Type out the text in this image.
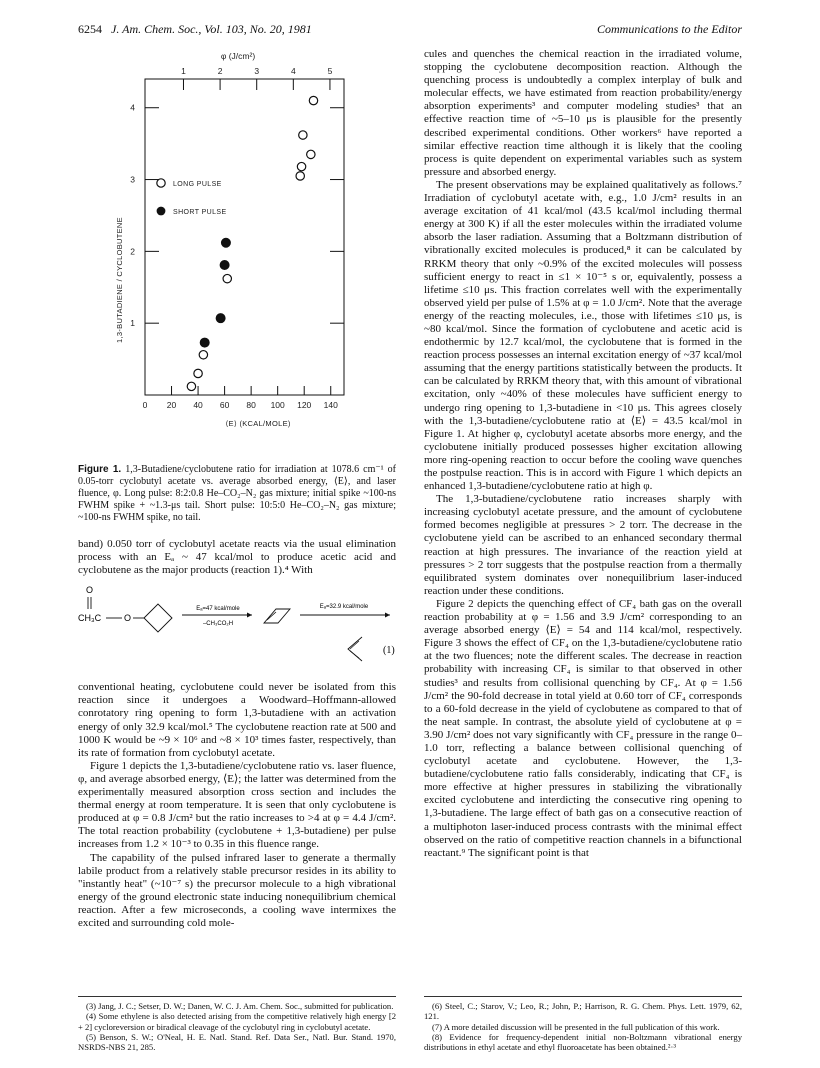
6254 J. Am. Chem. Soc., Vol. 103, No. 20, 1981	Communications to the Editor
φ (J/cm²)
1,3-BUTADIENE / CYCLOBUTENE
⟨E⟩ (KCAL/MOLE)
0 20 40 60 80 100 120 140
1	2	3	4	5
1
2
3
4
LONG PULSE
SHORT PULSE
Figure 1. 1,3-Butadiene/cyclobutene ratio for irradiation at 1078.6 cm⁻¹ of 0.05-torr cyclobutyl acetate vs. average absorbed energy, ⟨E⟩, and laser fluence, φ. Long pulse: 8:2:0.8 He–CO₂–N₂ gas mixture; initial spike ~100-ns FWHM spike + ~1.3-μs tail. Short pulse: 10:5:0 He–CO₂–N₂ gas mixture; ~100-ns FWHM spike, no tail.

band) 0.050 torr of cyclobutyl acetate reacts via the usual elimination process with an Eₐ ~ 47 kcal/mol to produce acetic acid and cyclobutene as the major products (reaction 1).⁴ With

O
CH₃C	O
Eₐ=47 kcal/mole
–CH₃CO₂H
Eₐ=32.9 kcal/mole
(1)

conventional heating, cyclobutene could never be isolated from this reaction since it undergoes a Woodward–Hoffmann-allowed conrotatory ring opening to form 1,3-butadiene with an activation energy of only 32.9 kcal/mol.⁵ The cyclobutene reaction rate at 500 and 1000 K would be ~9 × 10⁶ and ~8 × 10³ times faster, respectively, than its rate of formation from cyclobutyl acetate.

Figure 1 depicts the 1,3-butadiene/cyclobutene ratio vs. laser fluence, φ, and average absorbed energy, ⟨E⟩; the latter was determined from the experimentally measured absorption cross section and includes the thermal energy at room temperature. It is seen that only cyclobutene is produced at φ = 0.8 J/cm² but the ratio increases to >4 at φ = 4.4 J/cm². The total reaction probability (cyclobutene + 1,3-butadiene) per pulse increases from 1.2 × 10⁻³ to 0.35 in this fluence range.

The capability of the pulsed infrared laser to generate a thermally labile product from a relatively stable precursor resides in its ability to "instantly heat" (~10⁻⁷ s) the precursor molecule to a high vibrational energy of the ground electronic state inducing nonequilibrium chemical reaction. After a few microseconds, a cooling wave intermixes the excited and surrounding cold mole-

cules and quenches the chemical reaction in the irradiated volume, stopping the cyclobutene decomposition reaction. Although the quenching process is undoubtedly a complex interplay of bulk and molecular effects, we have estimated from reaction probability/energy absorption experiments³ and computer modeling studies³ that an effective reaction time of ~5–10 μs is plausible for the presently described experimental conditions. Other workers⁶ have reported a similar effective reaction time although it is likely that the cooling process is quite dependent on experimental variables such as system pressure and absorbed energy.

The present observations may be explained qualitatively as follows.⁷ Irradiation of cyclobutyl acetate with, e.g., 1.0 J/cm² results in an average excitation of 41 kcal/mol (43.5 kcal/mol including thermal energy at 300 K) if all the ester molecules within the irradiated volume absorb the laser radiation. Assuming that a Boltzmann distribution of vibrationally excited molecules is produced,⁸ it can be calculated by RRKM theory that only ~0.9% of the excited molecules will possess sufficient energy to react in ≤1 × 10⁻⁵ s or, equivalently, possess a lifetime ≤10 μs. This fraction correlates well with the experimentally observed yield per pulse of 1.5% at φ = 1.0 J/cm². Note that the average energy of the reacting molecules, i.e., those with lifetimes ≤10 μs, is ~80 kcal/mol. Since the formation of cyclobutene and acetic acid is endothermic by 12.7 kcal/mol, the cyclobutene that is formed in the reaction process possesses an internal excitation energy of ~37 kcal/mol assuming that the energy partitions statistically between the products. It can be calculated by RRKM theory that, with this amount of vibrational excitation, only ~40% of these molecules have sufficient energy to undergo ring opening to 1,3-butadiene in <10 μs. This agrees closely with the 1,3-butadiene/cyclobutene ratio at ⟨E⟩ = 43.5 kcal/mol in Figure 1. At higher φ, cyclobutyl acetate absorbs more energy, and the cyclobutene initially produced possesses higher excitation allowing more ring-opening reaction to occur before the cooling wave quenches the postpulse reaction. This is in accord with Figure 1 which depicts an enhanced 1,3-butadiene/cyclobutene ratio at high φ.

The 1,3-butadiene/cyclobutene ratio increases sharply with increasing cyclobutyl acetate pressure, and the amount of cyclobutene formed becomes negligible at pressures > 2 torr. The decrease in the cyclobutene yield can be ascribed to an enhanced secondary thermal reaction at high pressures. The invariance of the reaction yield at pressures > 2 torr suggests that the postpulse reaction from a thermally equilibrated system dominates over nonequilibrium laser-induced reaction under these conditions.

Figure 2 depicts the quenching effect of CF₄ bath gas on the overall reaction probability at φ = 1.56 and 3.9 J/cm² corresponding to an average absorbed energy ⟨E⟩ = 54 and 114 kcal/mol, respectively. Figure 3 shows the effect of CF₄ on the 1,3-butadiene/cyclobutene ratio at the two fluences; note the different scales. The decrease in reaction probability with increasing CF₄ is similar to that observed in other studies³ and results from collisional quenching by CF₄. At φ = 1.56 J/cm² the 90-fold decrease in total yield at 0.60 torr of CF₄ corresponds to a 60-fold decrease in the yield of cyclobutene as compared to that of the neat sample. In contrast, the absolute yield of cyclobutene at φ = 3.90 J/cm² does not vary significantly with CF₄ pressure in the range 0–1.0 torr, reflecting a balance between collisional quenching of cyclobutyl acetate and cyclobutene. However, the 1,3-butadiene/cyclobutene ratio falls considerably, indicating that CF₄ is more effective at higher pressures in stabilizing the vibrationally excited cyclobutene and interdicting the consecutive ring opening to 1,3-butadiene. The large effect of bath gas on a consecutive reaction of a multiphoton laser-induced process contrasts with the minimal effect observed on the ratio of competitive reaction channels in a bifunctional reactant.⁹ The significant point is that

(3) Jang, J. C.; Setser, D. W.; Danen, W. C. J. Am. Chem. Soc., submitted for publication.

(4) Some ethylene is also detected arising from the competitive relatively high energy [2 + 2] cycloreversion or biradical cleavage of the cyclobutyl ring in cyclobutyl acetate.

(5) Benson, S. W.; O'Neal, H. E. Natl. Stand. Ref. Data Ser., Natl. Bur. Stand. 1970, NSRDS-NBS 21, 285.

(6) Steel, C.; Starov, V.; Leo, R.; John, P.; Harrison, R. G. Chem. Phys. Lett. 1979, 62, 121.

(7) A more detailed discussion will be presented in the full publication of this work.

(8) Evidence for frequency-dependent initial non-Boltzmann vibrational energy distributions in ethyl acetate and ethyl fluoroacetate has been obtained.²·³
